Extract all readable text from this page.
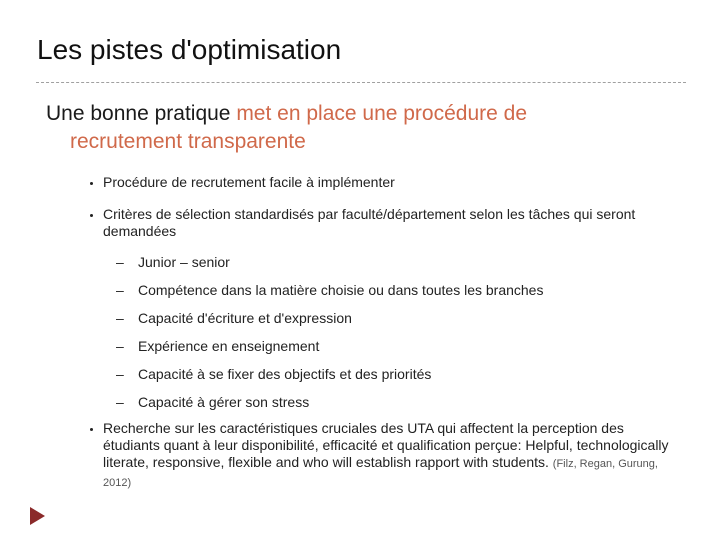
Les pistes d'optimisation
Une bonne pratique met en place une procédure de
recrutement transparente
Procédure de recrutement facile à implémenter
Critères de sélection standardisés par faculté/département selon les tâches qui seront demandées
– Junior – senior
– Compétence dans la matière choisie ou dans toutes les branches
– Capacité d'écriture et d'expression
– Expérience en enseignement
– Capacité à se fixer des objectifs et des priorités
– Capacité à gérer son stress
Recherche sur les caractéristiques cruciales des UTA qui affectent la perception des étudiants quant à leur disponibilité, efficacité et qualification perçue: Helpful, technologically literate, responsive, flexible and who will establish rapport with students. (Filz, Regan, Gurung, 2012)
